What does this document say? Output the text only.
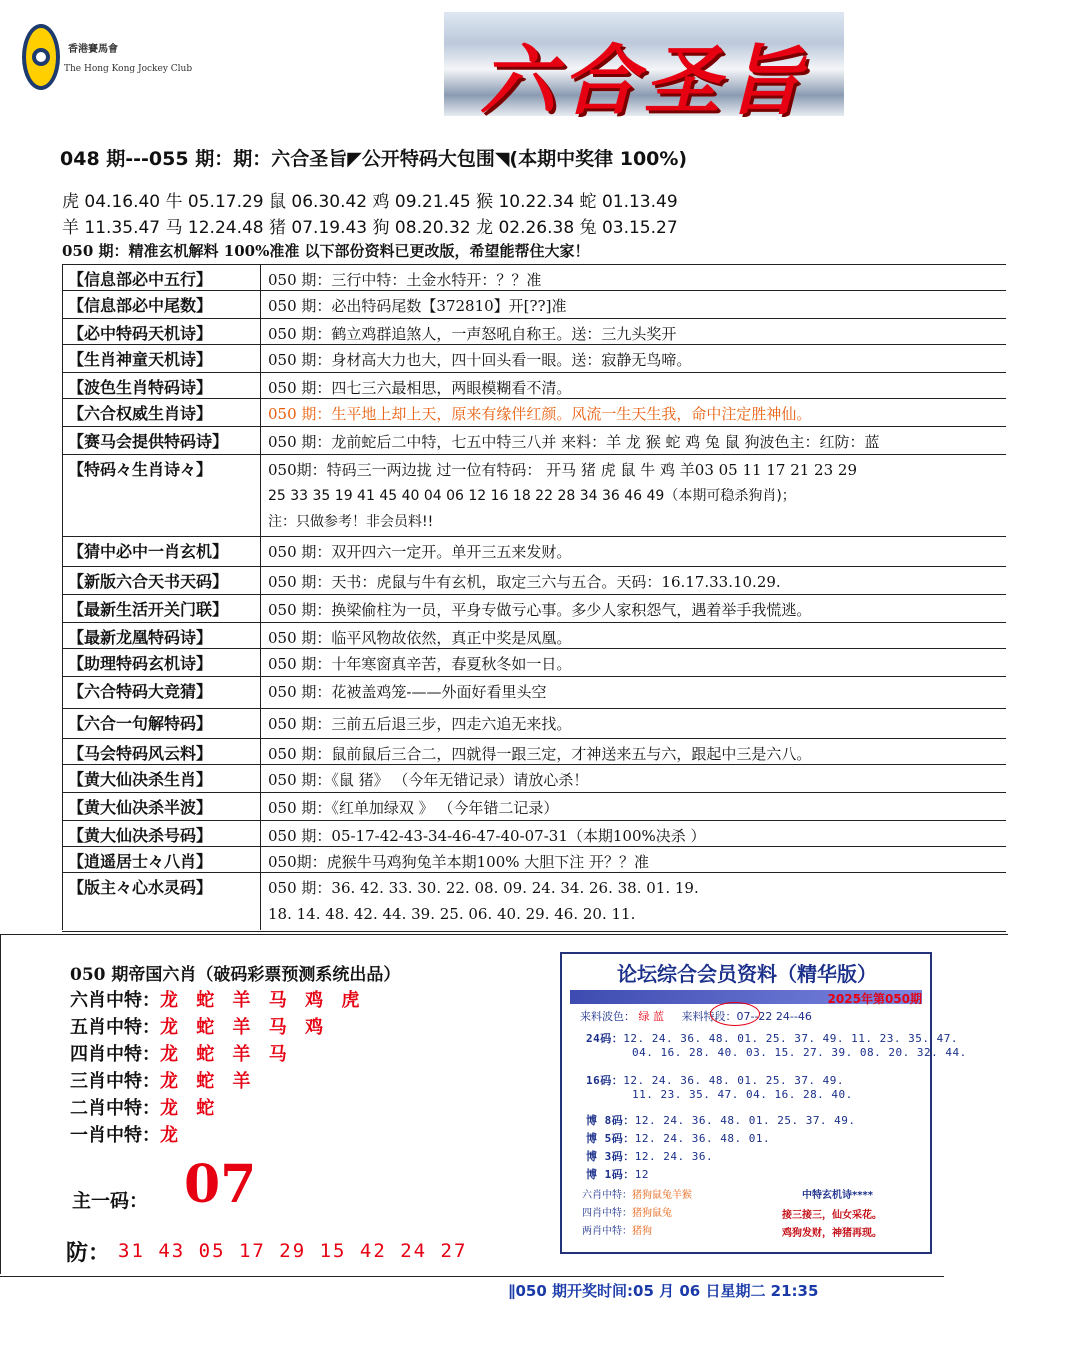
香港賽馬會
The Hong Kong Jockey Club	六合圣旨
048 期---055 期：期：六合圣旨◤公开特码大包围◥(本期中奖律 100%)
虎 04.16.40 牛 05.17.29 鼠 06.30.42 鸡 09.21.45 猴 10.22.34 蛇 01.13.49
羊 11.35.47 马 12.24.48 猪 07.19.43 狗 08.20.32 龙 02.26.38 兔 03.15.27
050 期：精准玄机解料 100%准准 以下部份资料已更改版，希望能帮住大家！
【信息部必中五行】	050 期：三行中特：土金水特开：？？准
【信息部必中尾数】	050 期：必出特码尾数【372810】开[??]准
【必中特码天机诗】	050 期：鹤立鸡群追煞人，一声怒吼自称王。送：三九头奖开
【生肖神童天机诗】	050 期：身材高大力也大，四十回头看一眼。送：寂静无鸟啼。
【波色生肖特码诗】	050 期：四七三六最相思，两眼模糊看不清。
【六合权威生肖诗】	050 期：生平地上却上天，原来有缘伴红颜。风流一生天生我，命中注定胜神仙。
【赛马会提供特码诗】	050 期：龙前蛇后二中特，七五中特三八并 来料：羊 龙 猴 蛇 鸡 兔 鼠 狗波色主：红防：蓝
【特码々生肖诗々】	050期：特码三一两边拢 过一位有特码： 开马 猪 虎 鼠 牛 鸡 羊03 05 11 17 21 23 29
25 33 35 19 41 45 40 04 06 12 16 18 22 28 34 36 46 49（本期可稳杀狗肖)；
注：只做参考！非会员料!!
【猜中必中一肖玄机】	050 期：双开四六一定开。单开三五来发财。
【新版六合天书天码】	050 期：天书：虎鼠与牛有玄机，取定三六与五合。天码：16.17.33.10.29.
【最新生活开关门联】	050 期：换梁偷柱为一员，平身专做亏心事。多少人家积怨气，遇着举手我慌逃。
【最新龙凰特码诗】	050 期：临平风物故依然，真正中奖是凤凰。
【助理特码玄机诗】	050 期：十年寒窗真辛苦，春夏秋冬如一日。
【六合特码大竞猜】	050 期：花被盖鸡笼-——外面好看里头空
【六合一句解特码】	050 期：三前五后退三步，四走六追无来找。
【马会特码风云料】	050 期：鼠前鼠后三合二，四就得一跟三定，才神送来五与六，跟起中三是六八。
【黄大仙决杀生肖】	050 期：《鼠 猪》 （今年无错记录）请放心杀！
【黄大仙决杀半波】	050 期：《红单加绿双 》 （今年错二记录）
【黄大仙决杀号码】	050 期：05-17-42-43-34-46-47-40-07-31（本期100%决杀 ）
【逍遥居士々八肖】	050期：虎猴牛马鸡狗兔羊本期100% 大胆下注 开？？准
【版主々心水灵码】	050 期：36. 42. 33. 30. 22. 08. 09. 24. 34. 26. 38. 01. 19.
18. 14. 48. 42. 44. 39. 25. 06. 40. 29. 46. 20. 11.
050 期帝国六肖（破码彩票预测系统出品）
六肖中特：龙 蛇 羊 马 鸡 虎
五肖中特：龙 蛇 羊 马 鸡
四肖中特：龙 蛇 羊 马
三肖中特：龙 蛇 羊
二肖中特：龙 蛇
一肖中特：龙
主一码： 07
防： 31 43 05 17 29 15 42 24 27
论坛综合会员资料（精华版）
2025年第050期
来料波色： 绿 蓝 来料特段：07--22 24--46
六肖中特：猪狗鼠兔羊猴
四肖中特：猪狗鼠兔
两肖中特：猪狗
中特玄机诗****
接三接三，仙女采花。
鸡狗发财，神猪再现。
24码：12. 24. 36. 48. 01. 25. 37. 49. 11. 23. 35. 47.
04. 16. 28. 40. 03. 15. 27. 39. 08. 20. 32. 44.
16码：12. 24. 36. 48. 01. 25. 37. 49.
11. 23. 35. 47. 04. 16. 28. 40.
博 8码：12. 24. 36. 48. 01. 25. 37. 49.
博 5码：12. 24. 36. 48. 01.
博 3码：12. 24. 36.
博 1码：12
∥050 期开奖时间:05 月 06 日星期二 21:35
